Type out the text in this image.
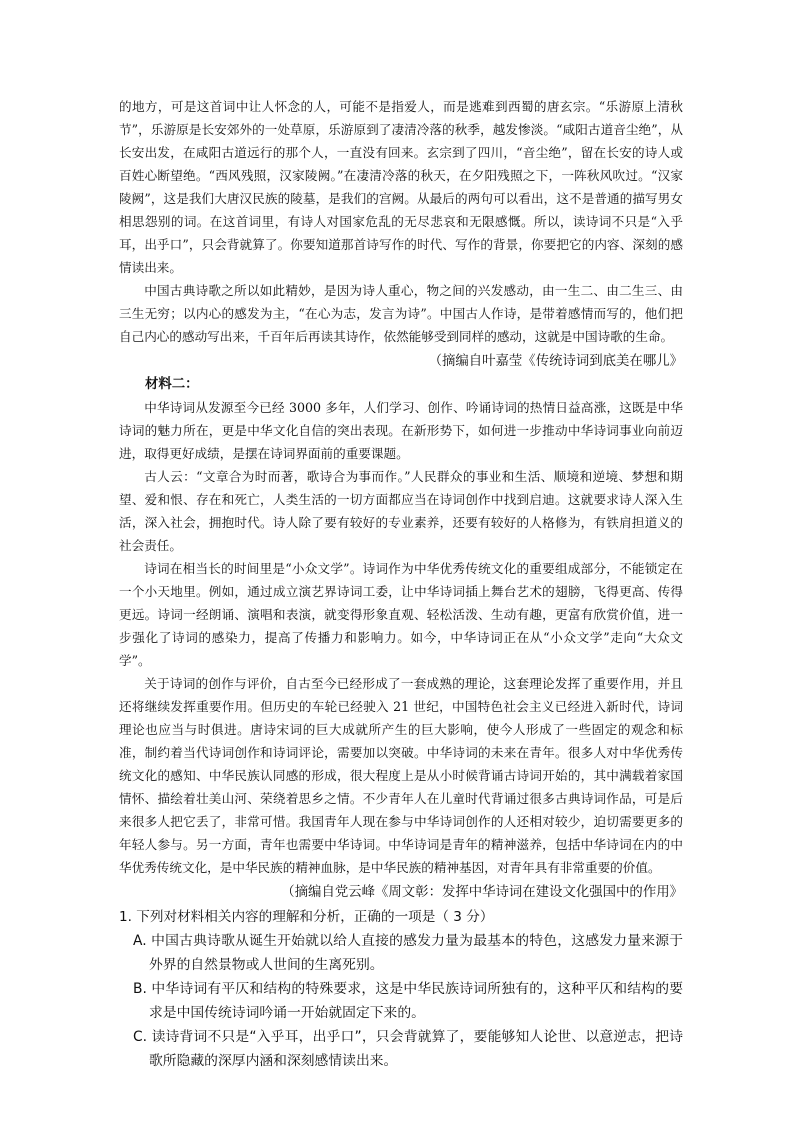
的地方，可是这首词中让人怀念的人，可能不是指爱人，而是逃难到西蜀的唐玄宗。“乐游原上清秋节”，乐游原是长安郊外的一处草原，乐游原到了凄清冷落的秋季，越发惨淡。“咸阳古道音尘绝”，从长安出发，在咸阳古道远行的那个人，一直没有回来。玄宗到了四川，“音尘绝”，留在长安的诗人或百姓心断望绝。“西风残照，汉家陵阙。”在凄清冷落的秋天，在夕阳残照之下，一阵秋风吹过。“汉家陵阙”，这是我们大唐汉民族的陵墓，是我们的宫阙。从最后的两句可以看出，这不是普通的描写男女相思怨别的词。在这首词里，有诗人对国家危乱的无尽悲哀和无限感慨。所以，读诗词不只是“入乎耳，出乎口”，只会背就算了。你要知道那首诗写作的时代、写作的背景，你要把它的内容、深刻的感情读出来。

中国古典诗歌之所以如此精妙，是因为诗人重心，物之间的兴发感动，由一生二、由二生三、由三生无穷；以内心的感发为主，“在心为志，发言为诗”。中国古人作诗，是带着感情而写的，他们把自己内心的感动写出来，千百年后再读其诗作，依然能够受到同样的感动，这就是中国诗歌的生命。

（摘编自叶嘉莹《传统诗词到底美在哪儿》

材料二：

中华诗词从发源至今已经 3000 多年，人们学习、创作、吟诵诗词的热情日益高涨，这既是中华诗词的魅力所在，更是中华文化自信的突出表现。在新形势下，如何进一步推动中华诗词事业向前迈进，取得更好成绩，是摆在诗词界面前的重要课题。

古人云：“文章合为时而著，歌诗合为事而作。”人民群众的事业和生活、顺境和逆境、梦想和期望、爱和恨、存在和死亡，人类生活的一切方面都应当在诗词创作中找到启迪。这就要求诗人深入生活，深入社会，拥抱时代。诗人除了要有较好的专业素养，还要有较好的人格修为，有铁肩担道义的社会责任。

诗词在相当长的时间里是“小众文学”。诗词作为中华优秀传统文化的重要组成部分，不能锁定在一个小天地里。例如，通过成立演艺界诗词工委，让中华诗词插上舞台艺术的翅膀，飞得更高、传得更远。诗词一经朗诵、演唱和表演，就变得形象直观、轻松活泼、生动有趣，更富有欣赏价值，进一步强化了诗词的感染力，提高了传播力和影响力。如今，中华诗词正在从“小众文学”走向“大众文学”。

关于诗词的创作与评价，自古至今已经形成了一套成熟的理论，这套理论发挥了重要作用，并且还将继续发挥重要作用。但历史的车轮已经驶入 21 世纪，中国特色社会主义已经进入新时代，诗词理论也应当与时俱进。唐诗宋词的巨大成就所产生的巨大影响，使今人形成了一些固定的观念和标准，制约着当代诗词创作和诗词评论，需要加以突破。中华诗词的未来在青年。很多人对中华优秀传统文化的感知、中华民族认同感的形成，很大程度上是从小时候背诵古诗词开始的，其中满载着家国情怀、描绘着壮美山河、荣绕着思乡之情。不少青年人在儿童时代背诵过很多古典诗词作品，可是后来很多人把它丢了，非常可惜。我国青年人现在参与中华诗词创作的人还相对较少，迫切需要更多的年轻人参与。另一方面，青年也需要中华诗词。中华诗词是青年的精神滋养，包括中华诗词在内的中华优秀传统文化，是中华民族的精神血脉，是中华民族的精神基因，对青年具有非常重要的价值。

（摘编自党云峰《周文彰：发挥中华诗词在建设文化强国中的作用》

1. 下列对材料相关内容的理解和分析，正确的一项是（ 3 分）

A. 中国古典诗歌从诞生开始就以给人直接的感发力量为最基本的特色，这感发力量来源于外界的自然景物或人世间的生离死别。

B. 中华诗词有平仄和结构的特殊要求，这是中华民族诗词所独有的，这种平仄和结构的要求是中国传统诗词吟诵一开始就固定下来的。

C. 读诗背词不只是“入乎耳，出乎口”，只会背就算了，要能够知人论世、以意逆志，把诗歌所隐藏的深厚内涵和深刻感情读出来。
